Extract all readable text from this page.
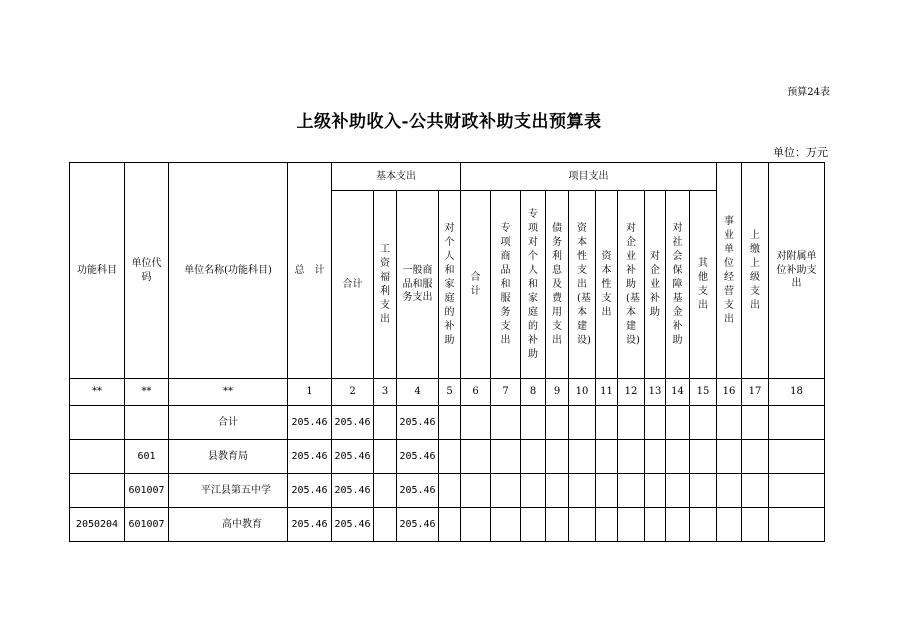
预算24表
上级补助收入-公共财政补助支出预算表
单位：万元
功能科目	单位代码	单位名称(功能科目)	总　计	基本支出				项目支出										事业单位经营支出	上缴上级支出	对附属单位补助支出

				合计	工资福利支出	一般商品和服务支出	对个人和家庭的补助	合计	专项商品和服务支出	专项对个人和家庭的补助	债务利息及费用支出	资本性支出(基本建设)	资本性支出	对企业补助(基本建设)	对企业补助	对社会保障基金补助	其他支出			
**	**	**	1	2	3	4	5	6	7	8	9	10	11	12	13	14	15	16	17	18
		合计	205.46	205.46		205.46														
	601	县教育局	205.46	205.46		205.46														
	601007	平江县第五中学	205.46	205.46		205.46														
2050204	601007	高中教育	205.46	205.46		205.46														
